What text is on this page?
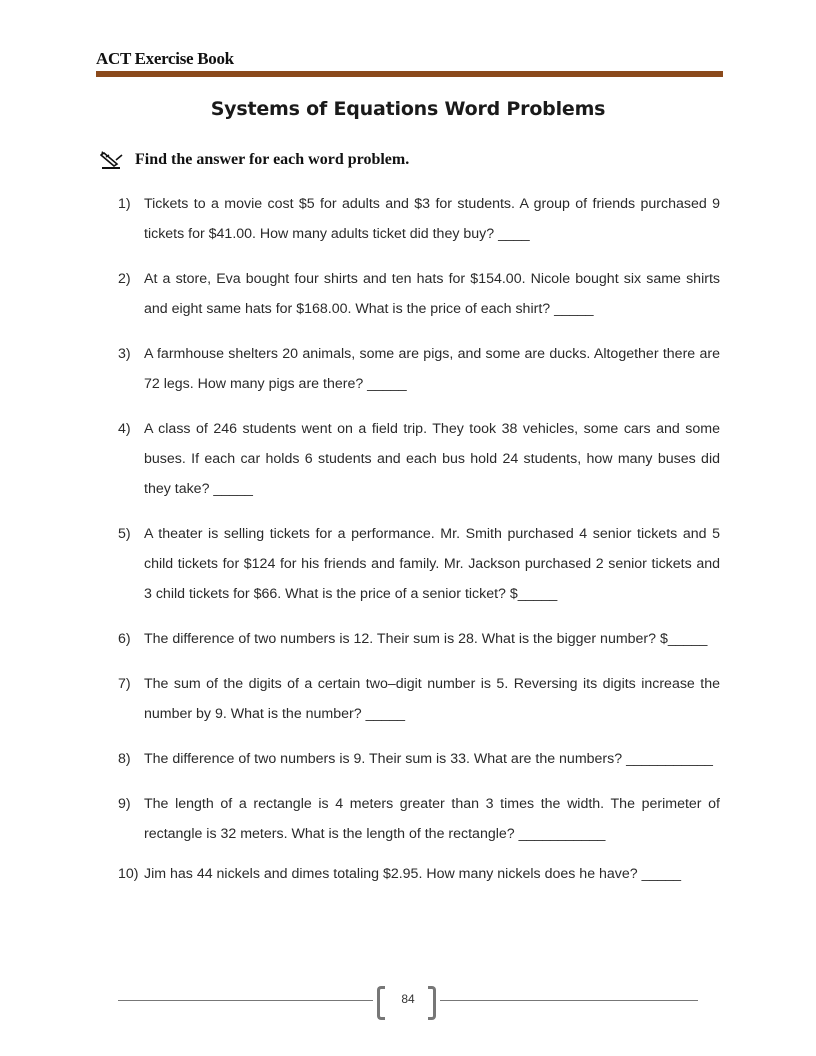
ACT Exercise Book
Systems of Equations Word Problems
Find the answer for each word problem.
1) Tickets to a movie cost $5 for adults and $3 for students. A group of friends purchased 9 tickets for $41.00. How many adults ticket did they buy? ____
2) At a store, Eva bought four shirts and ten hats for $154.00. Nicole bought six same shirts and eight same hats for $168.00. What is the price of each shirt? _____
3) A farmhouse shelters 20 animals, some are pigs, and some are ducks. Altogether there are 72 legs. How many pigs are there? _____
4) A class of 246 students went on a field trip. They took 38 vehicles, some cars and some buses. If each car holds 6 students and each bus hold 24 students, how many buses did they take? _____
5) A theater is selling tickets for a performance. Mr. Smith purchased 4 senior tickets and 5 child tickets for $124 for his friends and family. Mr. Jackson purchased 2 senior tickets and 3 child tickets for $66. What is the price of a senior ticket? $_____
6) The difference of two numbers is 12. Their sum is 28. What is the bigger number? $_____
7) The sum of the digits of a certain two–digit number is 5. Reversing its digits increase the number by 9. What is the number? _____
8) The difference of two numbers is 9. Their sum is 33. What are the numbers? ___________
9) The length of a rectangle is 4 meters greater than 3 times the width. The perimeter of rectangle is 32 meters. What is the length of the rectangle? ___________
10) Jim has 44 nickels and dimes totaling $2.95. How many nickels does he have? _____
84
